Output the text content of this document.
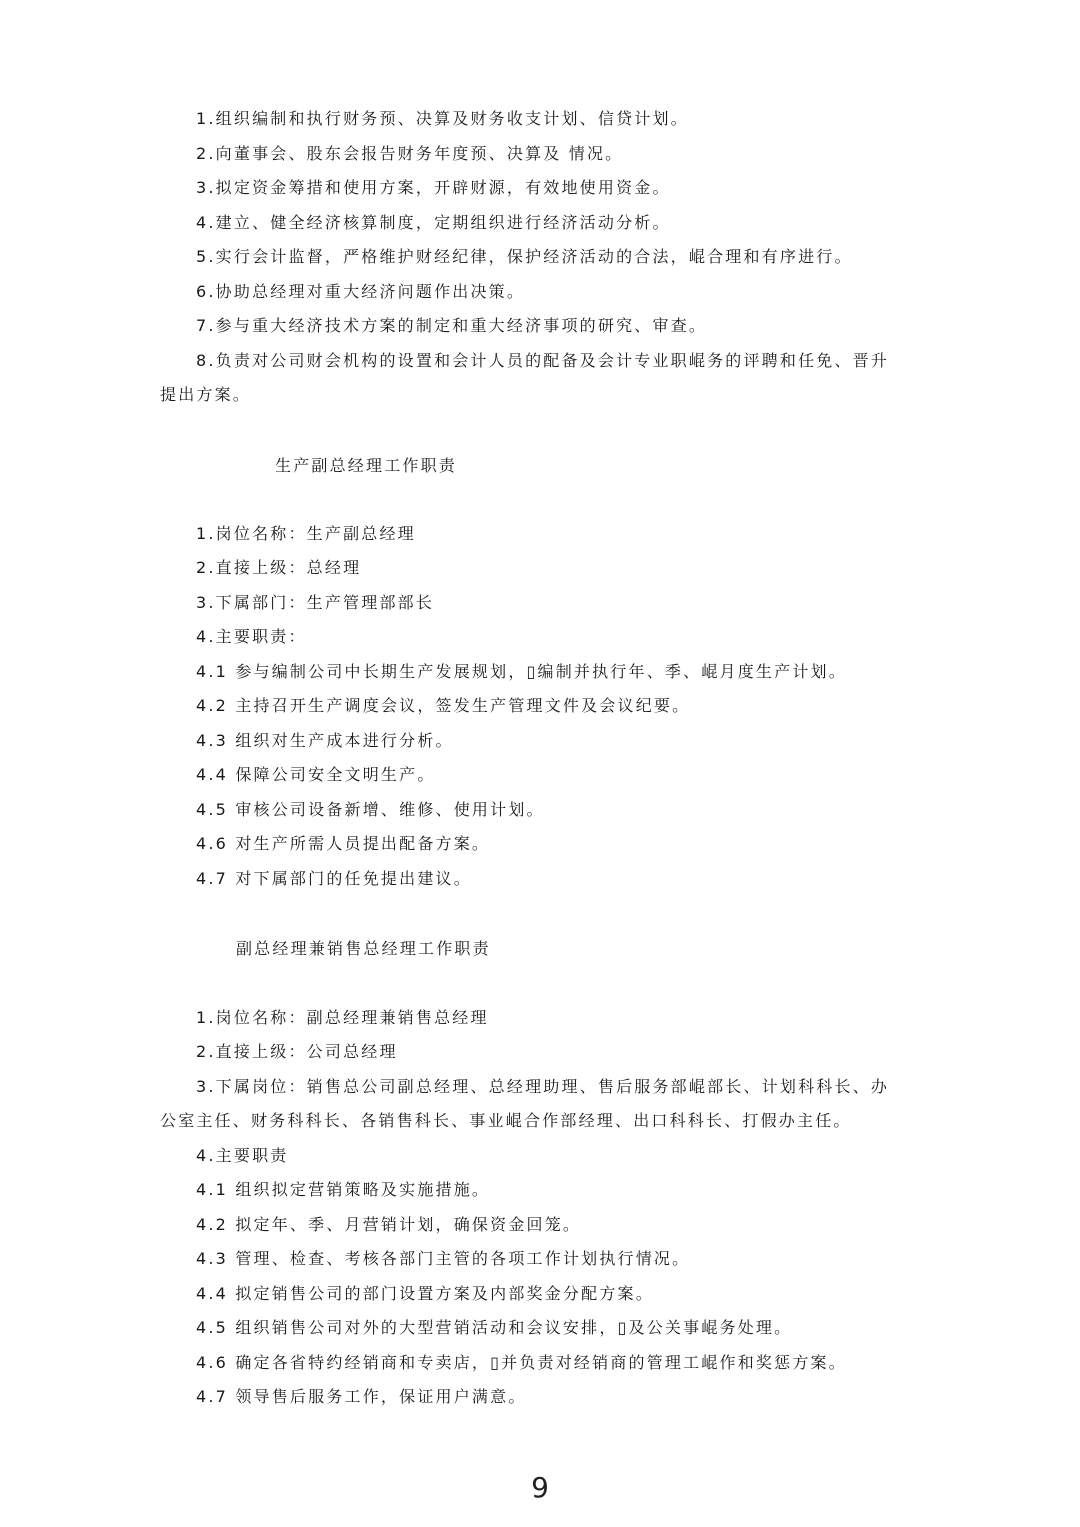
1.组织编制和执行财务预、决算及财务收支计划、信贷计划。
2.向董事会、股东会报告财务年度预、决算及 情况。
3.拟定资金筹措和使用方案，开辟财源，有效地使用资金。
4.建立、健全经济核算制度，定期组织进行经济活动分析。
5.实行会计监督，严格维护财经纪律，保护经济活动的合法，崐合理和有序进行。
6.协助总经理对重大经济问题作出决策。
7.参与重大经济技术方案的制定和重大经济事项的研究、审查。
8.负责对公司财会机构的设置和会计人员的配备及会计专业职崐务的评聘和任免、晋升
提出方案。
生产副总经理工作职责
1.岗位名称：生产副总经理
2.直接上级：总经理
3.下属部门：生产管理部部长
4.主要职责：
4.1 参与编制公司中长期生产发展规划，▯编制并执行年、季、崐月度生产计划。
4.2 主持召开生产调度会议，签发生产管理文件及会议纪要。
4.3 组织对生产成本进行分析。
4.4 保障公司安全文明生产。
4.5 审核公司设备新增、维修、使用计划。
4.6 对生产所需人员提出配备方案。
4.7 对下属部门的任免提出建议。
副总经理兼销售总经理工作职责
1.岗位名称：副总经理兼销售总经理
2.直接上级：公司总经理
3.下属岗位：销售总公司副总经理、总经理助理、售后服务部崐部长、计划科科长、办
公室主任、财务科科长、各销售科长、事业崐合作部经理、出口科科长、打假办主任。
4.主要职责
4.1 组织拟定营销策略及实施措施。
4.2 拟定年、季、月营销计划，确保资金回笼。
4.3 管理、检查、考核各部门主管的各项工作计划执行情况。
4.4 拟定销售公司的部门设置方案及内部奖金分配方案。
4.5 组织销售公司对外的大型营销活动和会议安排，▯及公关事崐务处理。
4.6 确定各省特约经销商和专卖店，▯并负责对经销商的管理工崐作和奖惩方案。
4.7 领导售后服务工作，保证用户满意。
9
